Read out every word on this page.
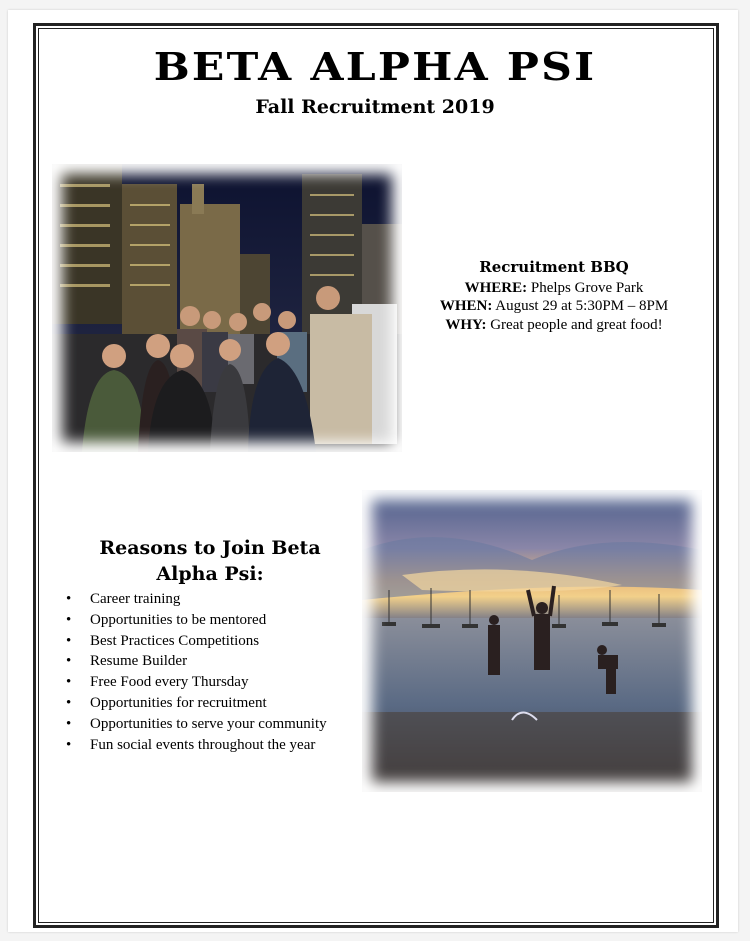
BETA ALPHA PSI
Fall Recruitment 2019
Recruitment BBQ
WHERE: Phelps Grove Park
WHEN: August 29 at 5:30PM – 8PM
WHY: Great people and great food!
Reasons to Join Beta
Alpha Psi:
• Career training
• Opportunities to be mentored
• Best Practices Competitions
• Resume Builder
• Free Food every Thursday
• Opportunities for recruitment
• Opportunities to serve your community
• Fun social events throughout the year
